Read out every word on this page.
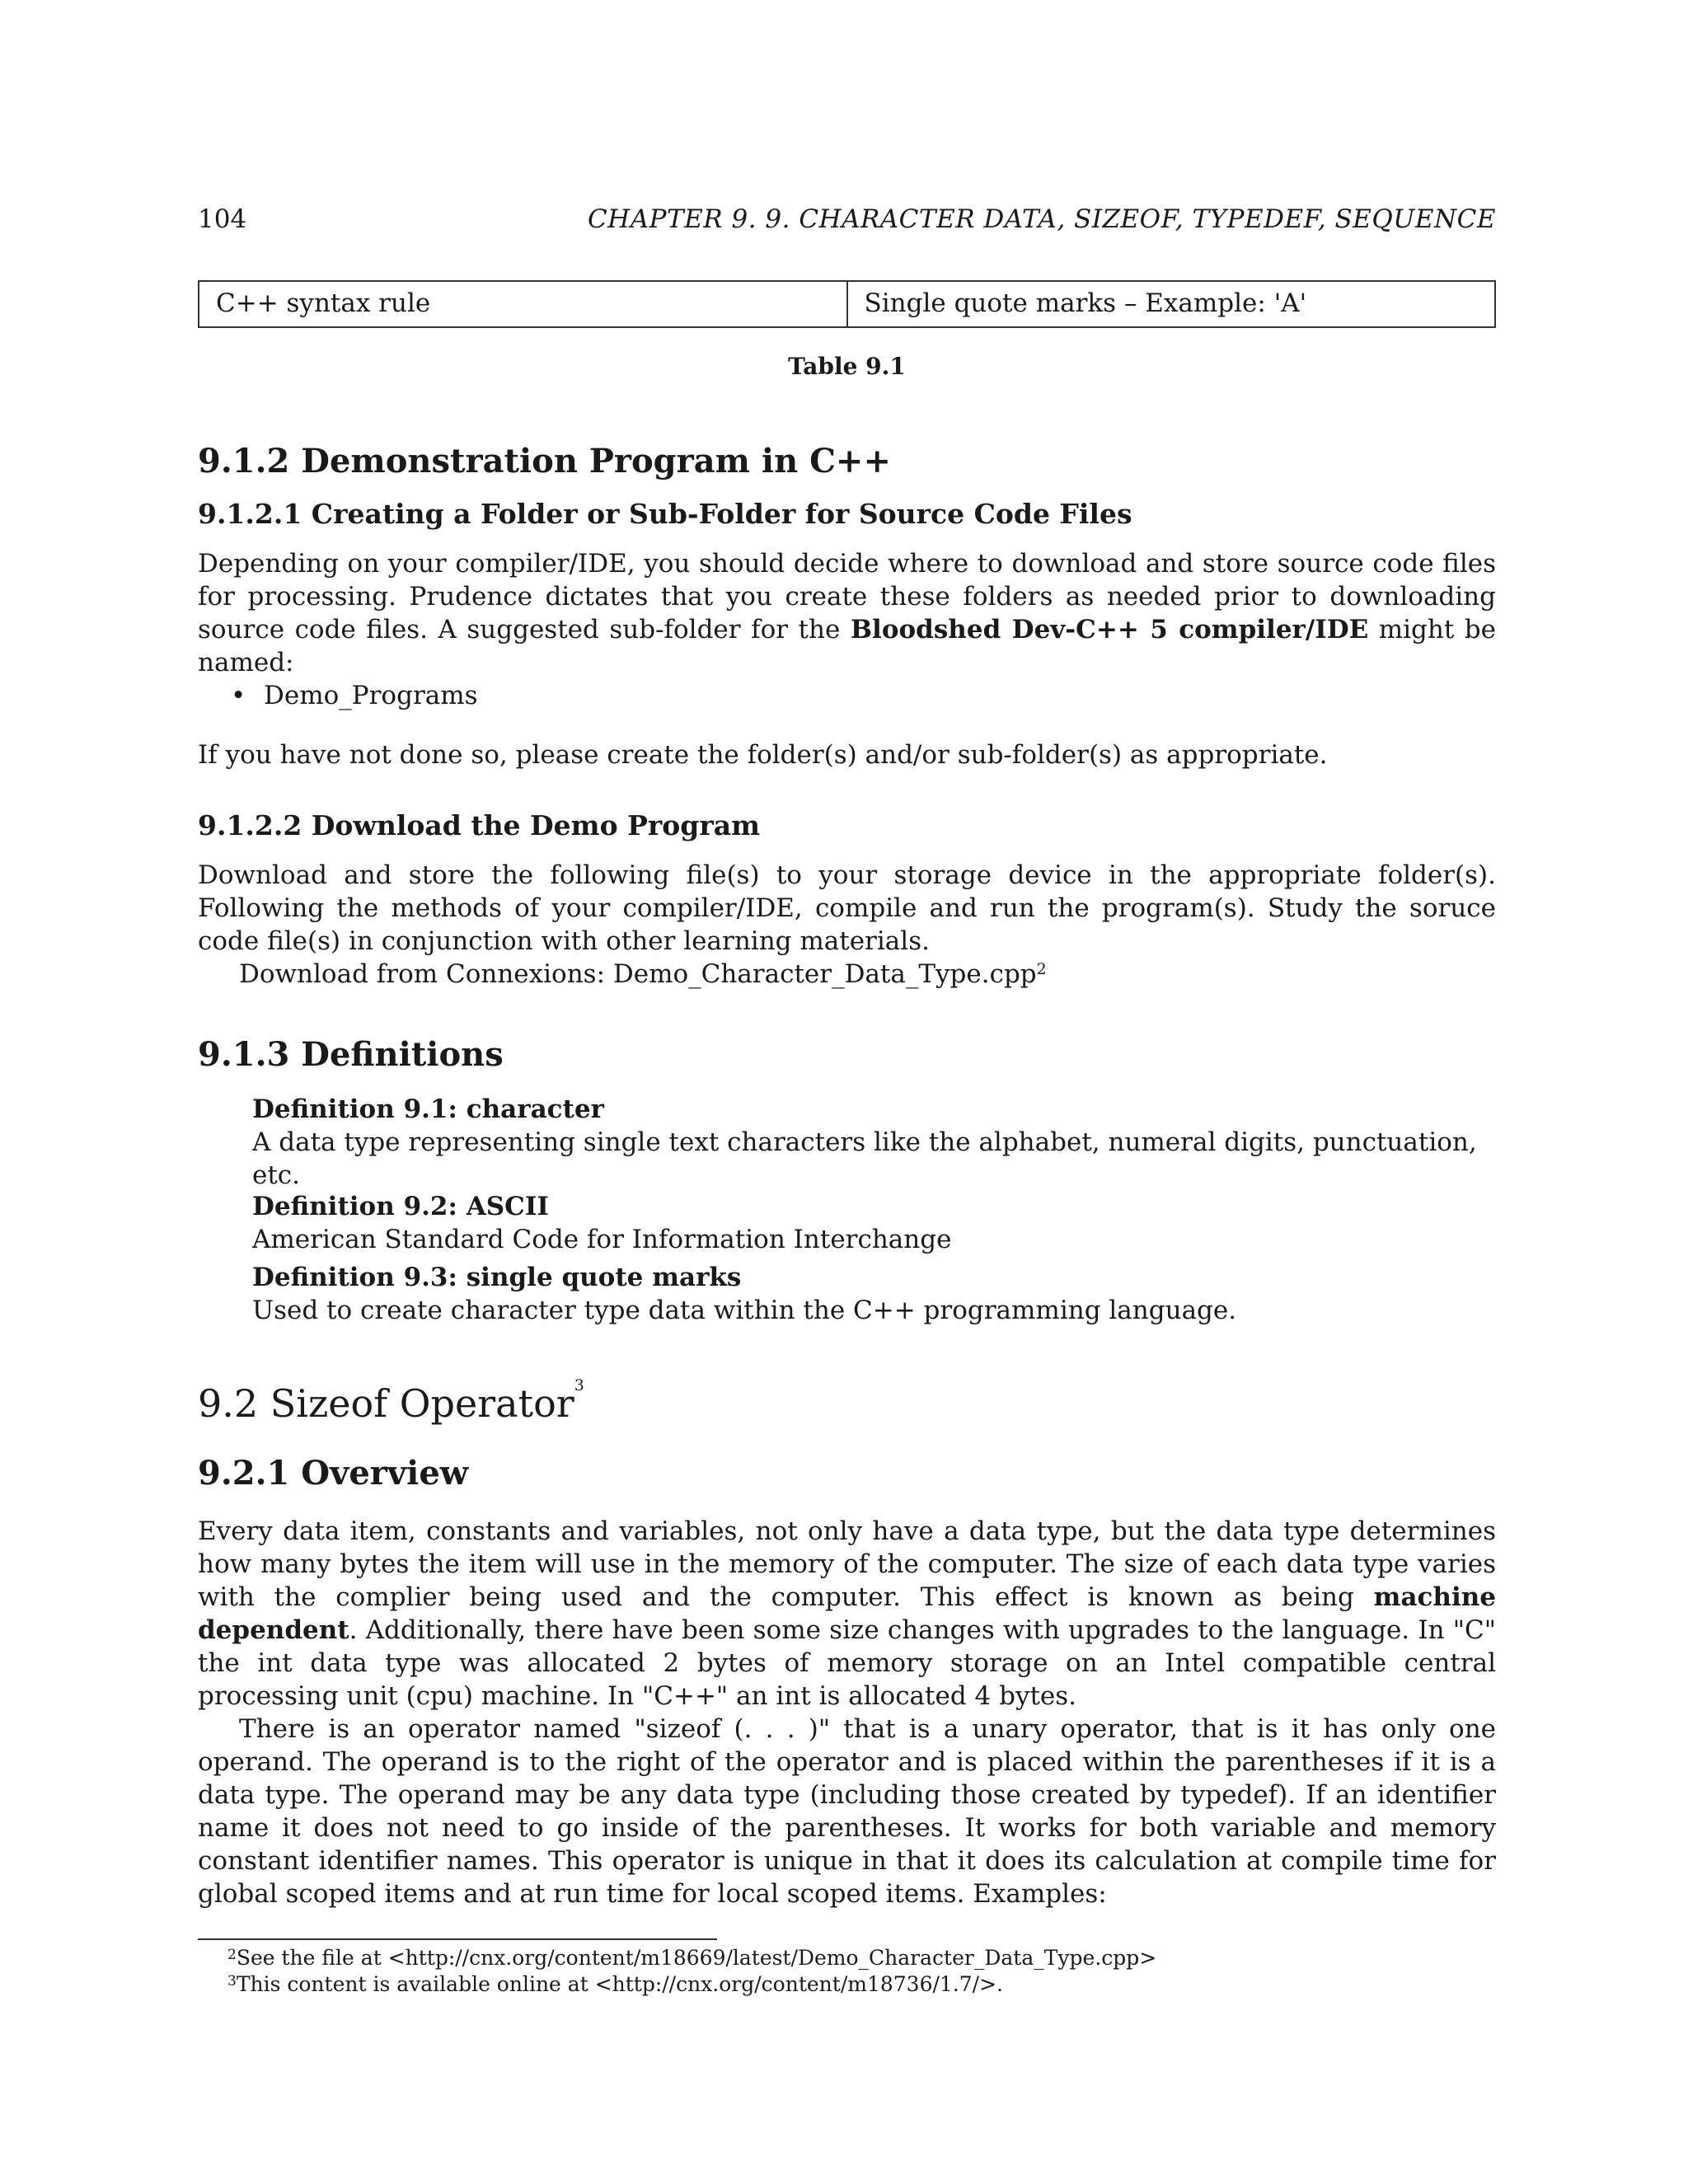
104	CHAPTER 9. 9. CHARACTER DATA, SIZEOF, TYPEDEF, SEQUENCE
C++ syntax rule	Single quote marks – Example: 'A'
Table 9.1
9.1.2 Demonstration Program in C++
9.1.2.1 Creating a Folder or Sub-Folder for Source Code Files

Depending on your compiler/IDE, you should decide where to download and store source code files for processing. Prudence dictates that you create these folders as needed prior to downloading source code files. A suggested sub-folder for the Bloodshed Dev-C++ 5 compiler/IDE might be named:

• Demo_Programs

If you have not done so, please create the folder(s) and/or sub-folder(s) as appropriate.

9.1.2.2 Download the Demo Program

Download and store the following file(s) to your storage device in the appropriate folder(s). Following the methods of your compiler/IDE, compile and run the program(s). Study the soruce code file(s) in conjunction with other learning materials.

Download from Connexions: Demo_Character_Data_Type.cpp$^2$

9.1.3 Definitions
Definition 9.1: character
A data type representing single text characters like the alphabet, numeral digits, punctuation, etc.
Definition 9.2: ASCII
American Standard Code for Information Interchange
Definition 9.3: single quote marks
Used to create character type data within the C++ programming language.
9.2 Sizeof Operator$^3$
9.2.1 Overview

Every data item, constants and variables, not only have a data type, but the data type determines how many bytes the item will use in the memory of the computer. The size of each data type varies with the complier being used and the computer. This effect is known as being machine dependent. Additionally, there have been some size changes with upgrades to the language. In "C" the int data type was allocated 2 bytes of memory storage on an Intel compatible central processing unit (cpu) machine. In "C++" an int is allocated 4 bytes.

There is an operator named "sizeof (. . . )" that is a unary operator, that is it has only one operand. The operand is to the right of the operator and is placed within the parentheses if it is a data type. The operand may be any data type (including those created by typedef). If an identifier name it does not need to go inside of the parentheses. It works for both variable and memory constant identifier names. This operator is unique in that it does its calculation at compile time for global scoped items and at run time for local scoped items. Examples:

$^2$See the file at <http://cnx.org/content/m18669/latest/Demo_Character_Data_Type.cpp>
$^3$This content is available online at <http://cnx.org/content/m18736/1.7/>.
